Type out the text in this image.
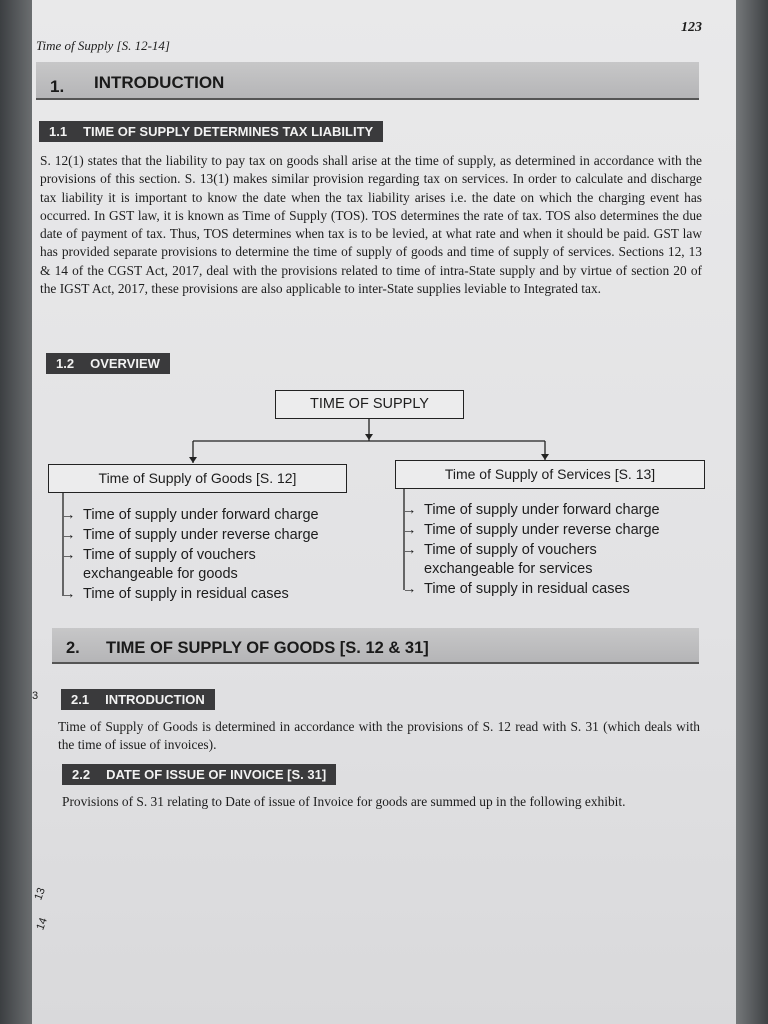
123
Time of Supply [S. 12-14]
1. INTRODUCTION
1.1 TIME OF SUPPLY DETERMINES TAX LIABILITY
S. 12(1) states that the liability to pay tax on goods shall arise at the time of supply, as determined in accordance with the provisions of this section. S. 13(1) makes similar provision regarding tax on services. In order to calculate and discharge tax liability it is important to know the date when the tax liability arises i.e. the date on which the charging event has occurred. In GST law, it is known as Time of Supply (TOS). TOS determines the rate of tax. TOS also determines the due date of payment of tax. Thus, TOS determines when tax is to be levied, at what rate and when it should be paid. GST law has provided separate provisions to determine the time of supply of goods and time of supply of services. Sections 12, 13 & 14 of the CGST Act, 2017, deal with the provisions related to time of intra-State supply and by virtue of section 20 of the IGST Act, 2017, these provisions are also applicable to inter-State supplies leviable to Integrated tax.
1.2 OVERVIEW
TIME OF SUPPLY
Time of Supply of Goods [S. 12]	Time of Supply of Services [S. 13]
→ Time of supply under forward charge
→ Time of supply under reverse charge
→ Time of supply of vouchers exchangeable for goods
→ Time of supply in residual cases
→ Time of supply under forward charge
→ Time of supply under reverse charge
→ Time of supply of vouchers exchangeable for services
→ Time of supply in residual cases
2. TIME OF SUPPLY OF GOODS [S. 12 & 31]
2.1 INTRODUCTION
Time of Supply of Goods is determined in accordance with the provisions of S. 12 read with S. 31 (which deals with the time of issue of invoices).
2.2 DATE OF ISSUE OF INVOICE [S. 31]
Provisions of S. 31 relating to Date of issue of Invoice for goods are summed up in the following exhibit.
3
13
14
